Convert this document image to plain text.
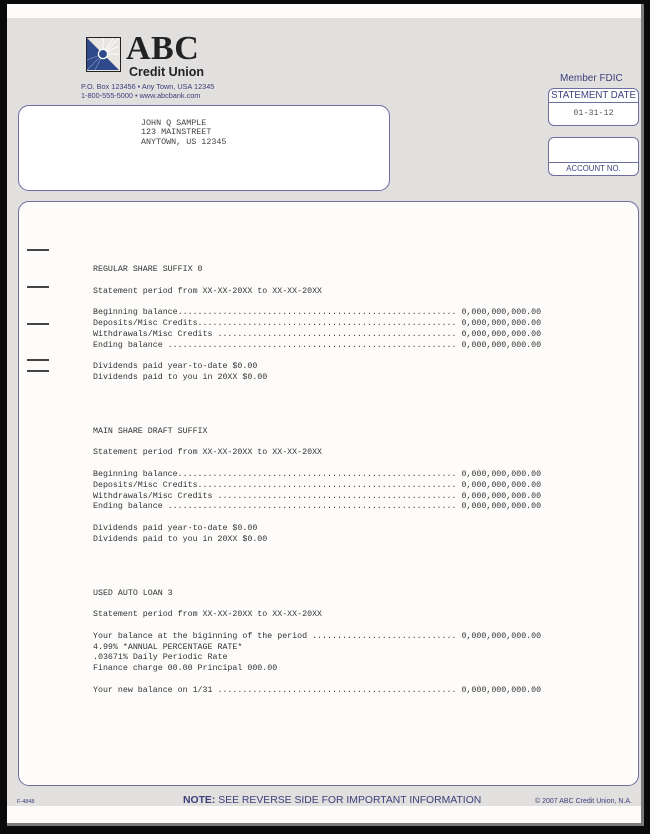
ABC
Credit Union
P.O. Box 123456 • Any Town, USA 12345
1-800-555-5000 • www.abcbank.com
JOHN Q SAMPLE
123 MAINSTREET
ANYTOWN, US 12345
Member FDIC
STATEMENT DATE
01-31-12
ACCOUNT NO.
REGULAR SHARE SUFFIX 0
Statement period from XX-XX-20XX to XX-XX-20XX
Beginning balance........................................................ 0,000,000,000.00
Deposits/Misc Credits.................................................... 0,000,000,000.00
Withdrawals/Misc Credits ................................................ 0,000,000,000.00
Ending balance .......................................................... 0,000,000,000.00
Dividends paid year-to-date $0.00
Dividends paid to you in 20XX $0.00
MAIN SHARE DRAFT SUFFIX
Statement period from XX-XX-20XX to XX-XX-20XX
Beginning balance........................................................ 0,000,000,000.00
Deposits/Misc Credits.................................................... 0,000,000,000.00
Withdrawals/Misc Credits ................................................ 0,000,000,000.00
Ending balance .......................................................... 0,000,000,000.00
Dividends paid year-to-date $0.00
Dividends paid to you in 20XX $0.00
USED AUTO LOAN 3
Statement period from XX-XX-20XX to XX-XX-20XX
Your balance at the biginning of the period ............................. 0,000,000,000.00
4.99% *ANNUAL PERCENTAGE RATE*
.03671% Daily Periodic Rate
Finance charge 00.00 Principal 000.00
Your new balance on 1/31 ................................................ 0,000,000,000.00
F-4848	NOTE: SEE REVERSE SIDE FOR IMPORTANT INFORMATION	© 2007 ABC Credit Union, N.A.
